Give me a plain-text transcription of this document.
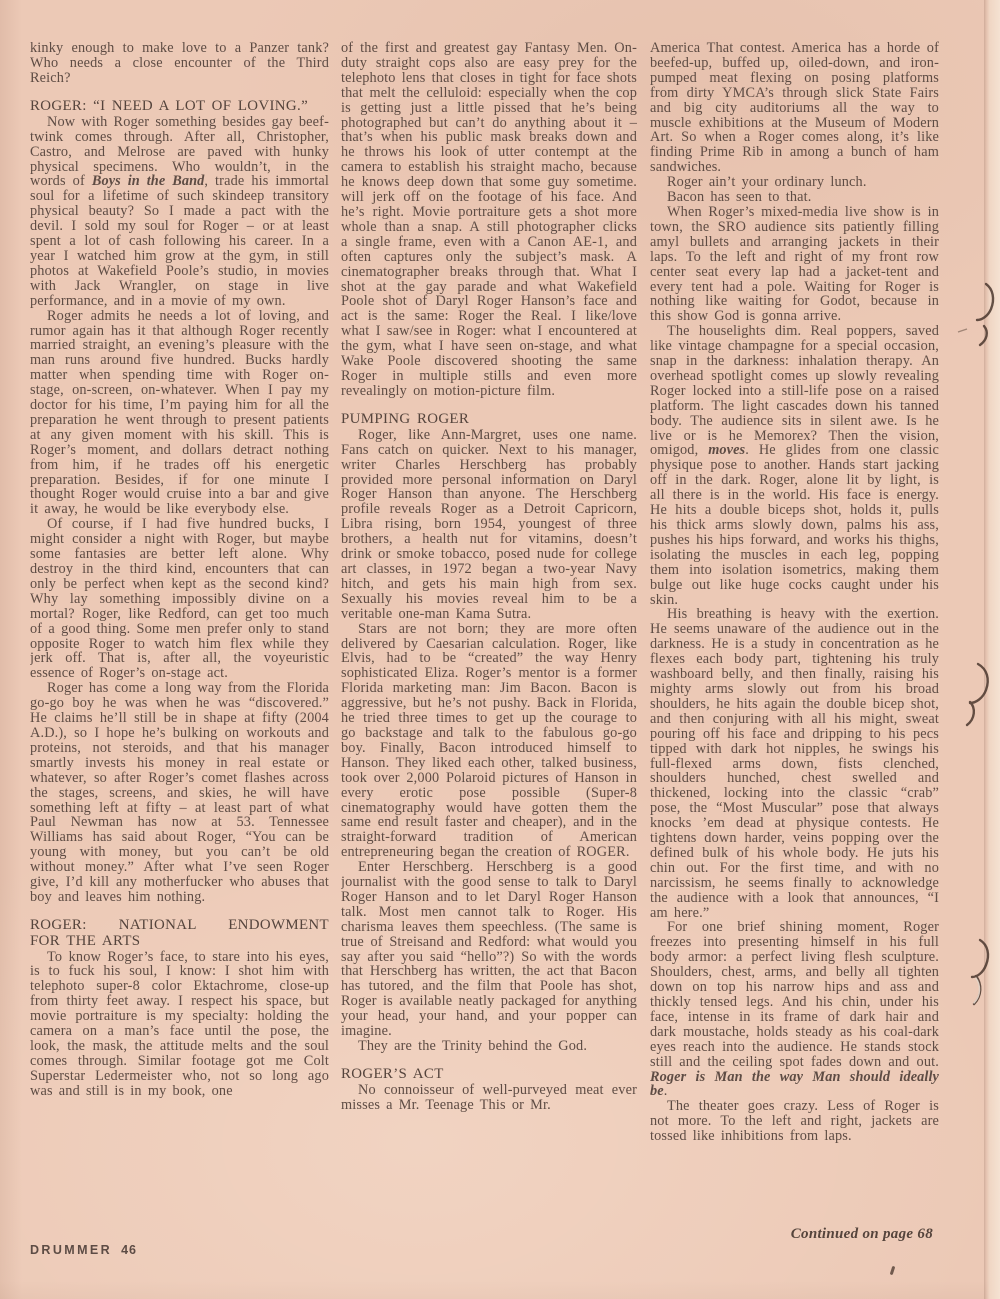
kinky enough to make love to a Panzer tank? Who needs a close encounter of the Third Reich?

ROGER: “I NEED A LOT OF LOVING.”

Now with Roger something besides gay beef-twink comes through. After all, Christopher, Castro, and Melrose are paved with hunky physical specimens. Who wouldn’t, in the words of Boys in the Band, trade his immortal soul for a lifetime of such skindeep transitory physical beauty? So I made a pact with the devil. I sold my soul for Roger – or at least spent a lot of cash following his career. In a year I watched him grow at the gym, in still photos at Wakefield Poole’s studio, in movies with Jack Wrangler, on stage in live performance, and in a movie of my own.

Roger admits he needs a lot of loving, and rumor again has it that although Roger recently married straight, an evening’s pleasure with the man runs around five hundred. Bucks hardly matter when spending time with Roger on-stage, on-screen, on-whatever. When I pay my doctor for his time, I’m paying him for all the preparation he went through to present patients at any given moment with his skill. This is Roger’s moment, and dollars detract nothing from him, if he trades off his energetic preparation. Besides, if for one minute I thought Roger would cruise into a bar and give it away, he would be like everybody else.

Of course, if I had five hundred bucks, I might consider a night with Roger, but maybe some fantasies are better left alone. Why destroy in the third kind, encounters that can only be perfect when kept as the second kind? Why lay something impossibly divine on a mortal? Roger, like Redford, can get too much of a good thing. Some men prefer only to stand opposite Roger to watch him flex while they jerk off. That is, after all, the voyeuristic essence of Roger’s on-stage act.

Roger has come a long way from the Florida go-go boy he was when he was “discovered.” He claims he’ll still be in shape at fifty (2004 A.D.), so I hope he’s bulking on workouts and proteins, not steroids, and that his manager smartly invests his money in real estate or whatever, so after Roger’s comet flashes across the stages, screens, and skies, he will have something left at fifty – at least part of what Paul Newman has now at 53. Tennessee Williams has said about Roger, “You can be young with money, but you can’t be old without money.” After what I’ve seen Roger give, I’d kill any motherfucker who abuses that boy and leaves him nothing.

ROGER: NATIONAL ENDOWMENT
FOR THE ARTS

To know Roger’s face, to stare into his eyes, is to fuck his soul, I know: I shot him with telephoto super-8 color Ektachrome, close-up from thirty feet away. I respect his space, but movie portraiture is my specialty: holding the camera on a man’s face until the pose, the look, the mask, the attitude melts and the soul comes through. Similar footage got me Colt Superstar Ledermeister who, not so long ago was and still is in my book, one

of the first and greatest gay Fantasy Men. On-duty straight cops also are easy prey for the telephoto lens that closes in tight for face shots that melt the celluloid: especially when the cop is getting just a little pissed that he’s being photographed but can’t do anything about it – that’s when his public mask breaks down and he throws his look of utter contempt at the camera to establish his straight macho, because he knows deep down that some guy sometime. will jerk off on the footage of his face. And he’s right. Movie portraiture gets a shot more whole than a snap. A still photographer clicks a single frame, even with a Canon AE-1, and often captures only the subject’s mask. A cinematographer breaks through that. What I shot at the gay parade and what Wakefield Poole shot of Daryl Roger Hanson’s face and act is the same: Roger the Real. I like/love what I saw/see in Roger: what I encountered at the gym, what I have seen on-stage, and what Wake Poole discovered shooting the same Roger in multiple stills and even more revealingly on motion-picture film.

PUMPING ROGER

Roger, like Ann-Margret, uses one name. Fans catch on quicker. Next to his manager, writer Charles Herschberg has probably provided more personal information on Daryl Roger Hanson than anyone. The Herschberg profile reveals Roger as a Detroit Capricorn, Libra rising, born 1954, youngest of three brothers, a health nut for vitamins, doesn’t drink or smoke tobacco, posed nude for college art classes, in 1972 began a two-year Navy hitch, and gets his main high from sex. Sexually his movies reveal him to be a veritable one-man Kama Sutra.

Stars are not born; they are more often delivered by Caesarian calculation. Roger, like Elvis, had to be “created” the way Henry sophisticated Eliza. Roger’s mentor is a former Florida marketing man: Jim Bacon. Bacon is aggressive, but he’s not pushy. Back in Florida, he tried three times to get up the courage to go backstage and talk to the fabulous go-go boy. Finally, Bacon introduced himself to Hanson. They liked each other, talked business, took over 2,000 Polaroid pictures of Hanson in every erotic pose possible (Super-8 cinematography would have gotten them the same end result faster and cheaper), and in the straight-forward tradition of American entrepreneuring began the creation of ROGER.

Enter Herschberg. Herschberg is a good journalist with the good sense to talk to Daryl Roger Hanson and to let Daryl Roger Hanson talk. Most men cannot talk to Roger. His charisma leaves them speechless. (The same is true of Streisand and Redford: what would you say after you said “hello”?) So with the words that Herschberg has written, the act that Bacon has tutored, and the film that Poole has shot, Roger is available neatly packaged for anything your head, your hand, and your popper can imagine.

They are the Trinity behind the God.

ROGER’S ACT

No connoisseur of well-purveyed meat ever misses a Mr. Teenage This or Mr.

America That contest. America has a horde of beefed-up, buffed up, oiled-down, and iron-pumped meat flexing on posing platforms from dirty YMCA’s through slick State Fairs and big city auditoriums all the way to muscle exhibitions at the Museum of Modern Art. So when a Roger comes along, it’s like finding Prime Rib in among a bunch of ham sandwiches.

Roger ain’t your ordinary lunch.

Bacon has seen to that.

When Roger’s mixed-media live show is in town, the SRO audience sits patiently filling amyl bullets and arranging jackets in their laps. To the left and right of my front row center seat every lap had a jacket-tent and every tent had a pole. Waiting for Roger is nothing like waiting for Godot, because in this show God is gonna arrive.

The houselights dim. Real poppers, saved like vintage champagne for a special occasion, snap in the darkness: inhalation therapy. An overhead spotlight comes up slowly revealing Roger locked into a still-life pose on a raised platform. The light cascades down his tanned body. The audience sits in silent awe. Is he live or is he Memorex? Then the vision, omigod, moves. He glides from one classic physique pose to another. Hands start jacking off in the dark. Roger, alone lit by light, is all there is in the world. His face is energy. He hits a double biceps shot, holds it, pulls his thick arms slowly down, palms his ass, pushes his hips forward, and works his thighs, isolating the muscles in each leg, popping them into isolation isometrics, making them bulge out like huge cocks caught under his skin.

His breathing is heavy with the exertion. He seems unaware of the audience out in the darkness. He is a study in concentration as he flexes each body part, tightening his truly washboard belly, and then finally, raising his mighty arms slowly out from his broad shoulders, he hits again the double bicep shot, and then conjuring with all his might, sweat pouring off his face and dripping to his pecs tipped with dark hot nipples, he swings his full-flexed arms down, fists clenched, shoulders hunched, chest swelled and thickened, locking into the classic “crab” pose, the “Most Muscular” pose that always knocks ’em dead at physique contests. He tightens down harder, veins popping over the defined bulk of his whole body. He juts his chin out. For the first time, and with no narcissism, he seems finally to acknowledge the audience with a look that announces, “I am here.”

For one brief shining moment, Roger freezes into presenting himself in his full body armor: a perfect living flesh sculpture. Shoulders, chest, arms, and belly all tighten down on top his narrow hips and ass and thickly tensed legs. And his chin, under his face, intense in its frame of dark hair and dark moustache, holds steady as his coal-dark eyes reach into the audience. He stands stock still and the ceiling spot fades down and out. Roger is Man the way Man should ideally be.

The theater goes crazy. Less of Roger is not more. To the left and right, jackets are tossed like inhibitions from laps.

Continued on page 68
DRUMMER 46
